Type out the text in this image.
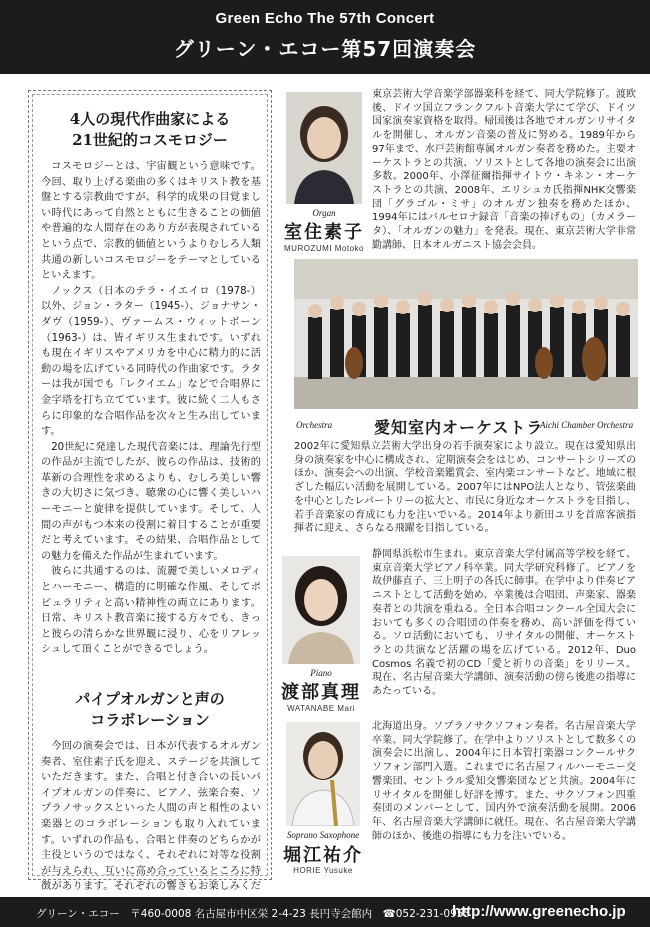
Green Echo The 57th Concert
グリーン・エコー第57回演奏会
4人の現代作曲家による
21世紀的コスモロジー

コスモロジーとは、宇宙観という意味です。今回、取り上げる楽曲の多くはキリスト教を基盤とする宗教曲ですが、科学的成果の目覚ましい時代にあって自然とともに生きることの価値や普遍的な人間存在のあり方が表現されているという点で、宗教的価値というよりむしろ人類共通の新しいコスモロジーをテーマとしているといえます。

ノックス（日本のテラ・イエイロ（1978-）以外、ジョン・ラター（1945-）、ジョナサン・ダヴ（1959-）、ヴァームス・ウィットボーン（1963-）は、皆イギリス生まれです。いずれも現在イギリスやアメリカを中心に精力的に活動の場を広げている同時代の作曲家です。ラターは我が国でも「レクイエム」などで合唱界に金字塔を打ち立てています。彼に続く二人もさらに印象的な合唱作品を次々と生み出しています。

20世紀に発達した現代音楽には、理論先行型の作品が主流でしたが、彼らの作品は、技術的革新の合理性を求めるよりも、むしろ美しい響きの大切さに気づき、聴衆の心に響く美しいハーモニーと旋律を提供しています。そして、人間の声がもつ本来の役割に着目することが重要だと考えています。その結果、合唱作品としての魅力を備えた作品が生まれています。

彼らに共通するのは、流麗で美しいメロディとハーモニー、構造的に明確な作風、そしてポピュラリティと高い精神性の両立にあります。日常、キリスト教音楽に接する方々でも、きっと彼らの清らかな世界観に浸り、心をリフレッシュして頂くことができるでしょう。

パイプオルガンと声の
コラボレーション

今回の演奏会では、日本が代表するオルガン奏者、室住素子氏を迎え、ステージを共演していただきます。また、合唱と付き合いの長いパイプオルガンの伴奏に、ピアノ、弦楽合奏、ソプラノサックスといった人間の声と相性のよい楽器とのコラボレーションも取り入れています。いずれの作品も、合唱と伴奏のどちらかが主役というのではなく、それぞれに対等な役割が与えられ、互いに高め合っているところに特徴があります。それぞれの響きもお楽しみくだ

Organ
室住素子
MUROZUMI Motoko
東京芸術大学音楽学部器楽科を経て、同大学院修了。渡欧後、ドイツ国立フランクフルト音楽大学にて学び、ドイツ国家演奏家資格を取得。帰国後は各地でオルガンリサイタルを開催し、オルガン音楽の普及に努める。1989年から97年まで、水戸芸術館専属オルガン奏者を務めた。主要オーケストラとの共演、ソリストとして各地の演奏会に出演多数。2000年、小澤征爾指揮サイトウ・キネン・オーケストラとの共演、2008年、エリシュカ氏指揮NHK交響楽団「グラゴル・ミサ」のオルガン独奏を務めたほか、1994年にはバルセロナ録音「音楽の捧げもの」（カメラータ）、「オルガンの魅力」を発表。現在、東京芸術大学非常勤講師、日本オルガニスト協会会員。
Orchestra	愛知室内オーケストラ
Aichi Chamber Orchestra
2002年に愛知県立芸術大学出身の若手演奏家により設立。現在は愛知県出身の演奏家を中心に構成され、定期演奏会をはじめ、コンサートシリーズのほか、演奏会への出演、学校音楽鑑賞会、室内楽コンサートなど、地域に根ざした幅広い活動を展開している。2007年にはNPO法人となり、管弦楽曲を中心としたレパートリーの拡大と、市民に身近なオーケストラを目指し、若手音楽家の育成にも力を注いでいる。2014年より新田ユリを首席客演指揮者に迎え、さらなる飛躍を目指している。
Piano
渡部真理
WATANABE Mari
静岡県浜松市生まれ。東京音楽大学付属高等学校を経て、東京音楽大学ピアノ科卒業。同大学研究科修了。ピアノを故伊藤直子、三上明子の各氏に師事。在学中より伴奏ピアニストとして活動を始め、卒業後は合唱団、声楽家、器楽奏者との共演を重ねる。全日本合唱コンクール全国大会においても多くの合唱団の伴奏を務め、高い評価を得ている。ソロ活動においても、リサイタルの開催、オーケストラとの共演など活躍の場を広げている。2012年、Duo Cosmos 名義で初のCD「愛と祈りの音楽」をリリース。現在、名古屋音楽大学講師、演奏活動の傍ら後進の指導にあたっている。
Soprano Saxophone
堀江祐介
HORIE Yusuke
北海道出身。ソプラノサクソフォン奏者。名古屋音楽大学卒業、同大学院修了。在学中よりソリストとして数多くの演奏会に出演し、2004年に日本管打楽器コンクールサクソフォン部門入選。これまでに名古屋フィルハーモニー交響楽団、セントラル愛知交響楽団などと共演。2004年にリサイタルを開催し好評を博す。また、サクソフォン四重奏団のメンバーとして、国内外で演奏活動を展開。2006年、名古屋音楽大学講師に就任。現在、名古屋音楽大学講師のほか、後進の指導にも力を注いでいる。
グリーン・エコー　〒460-0008 名古屋市中区栄 2-4-23 長円寺会館内　☎052-231-0955
http://www.greenecho.jp
